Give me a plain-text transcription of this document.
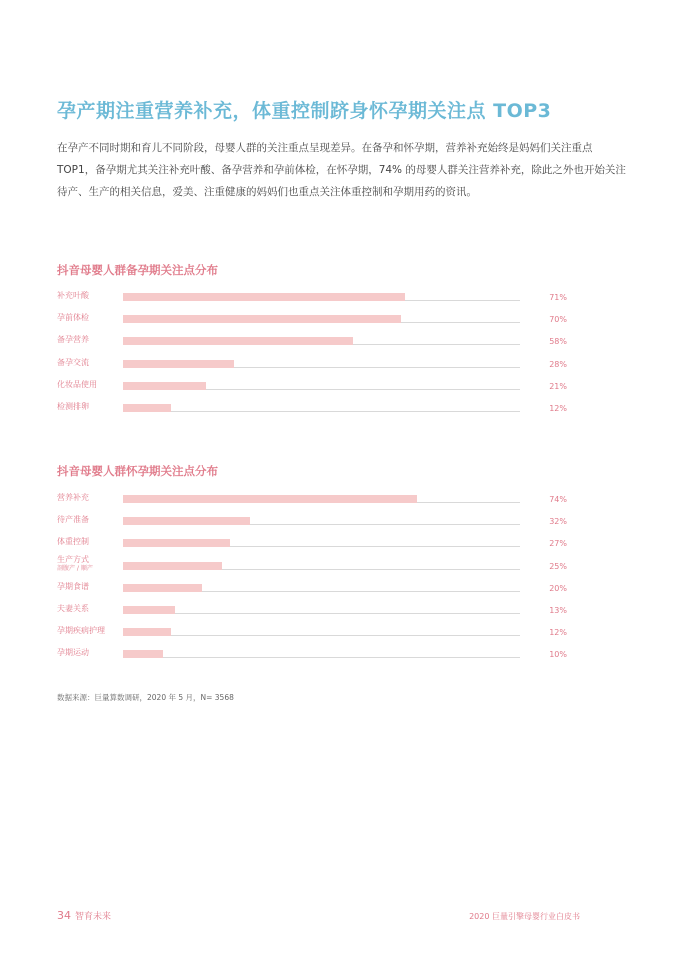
孕产期注重营养补充，体重控制跻身怀孕期关注点 TOP3
在孕产不同时期和育儿不同阶段，母婴人群的关注重点呈现差异。在备孕和怀孕期，营养补充始终是妈妈们关注重点 TOP1，备孕期尤其关注补充叶酸、备孕营养和孕前体检，在怀孕期，74% 的母婴人群关注营养补充，除此之外也开始关注待产、生产的相关信息，爱美、注重健康的妈妈们也重点关注体重控制和孕期用药的资讯。
抖音母婴人群备孕期关注点分布
补充叶酸	71%
孕前体检	70%
备孕营养	58%
备孕交流	28%
化妆品使用	21%
检测排卵	12%
抖音母婴人群怀孕期关注点分布
营养补充	74%
待产准备	32%
体重控制	27%
生产方式
剖腹产 / 顺产	25%
孕期食谱	20%
夫妻关系	13%
孕期疾病护理	12%
孕期运动	10%
数据来源：巨量算数调研，2020 年 5 月，N= 3568
34 智育未来	2020 巨量引擎母婴行业白皮书
